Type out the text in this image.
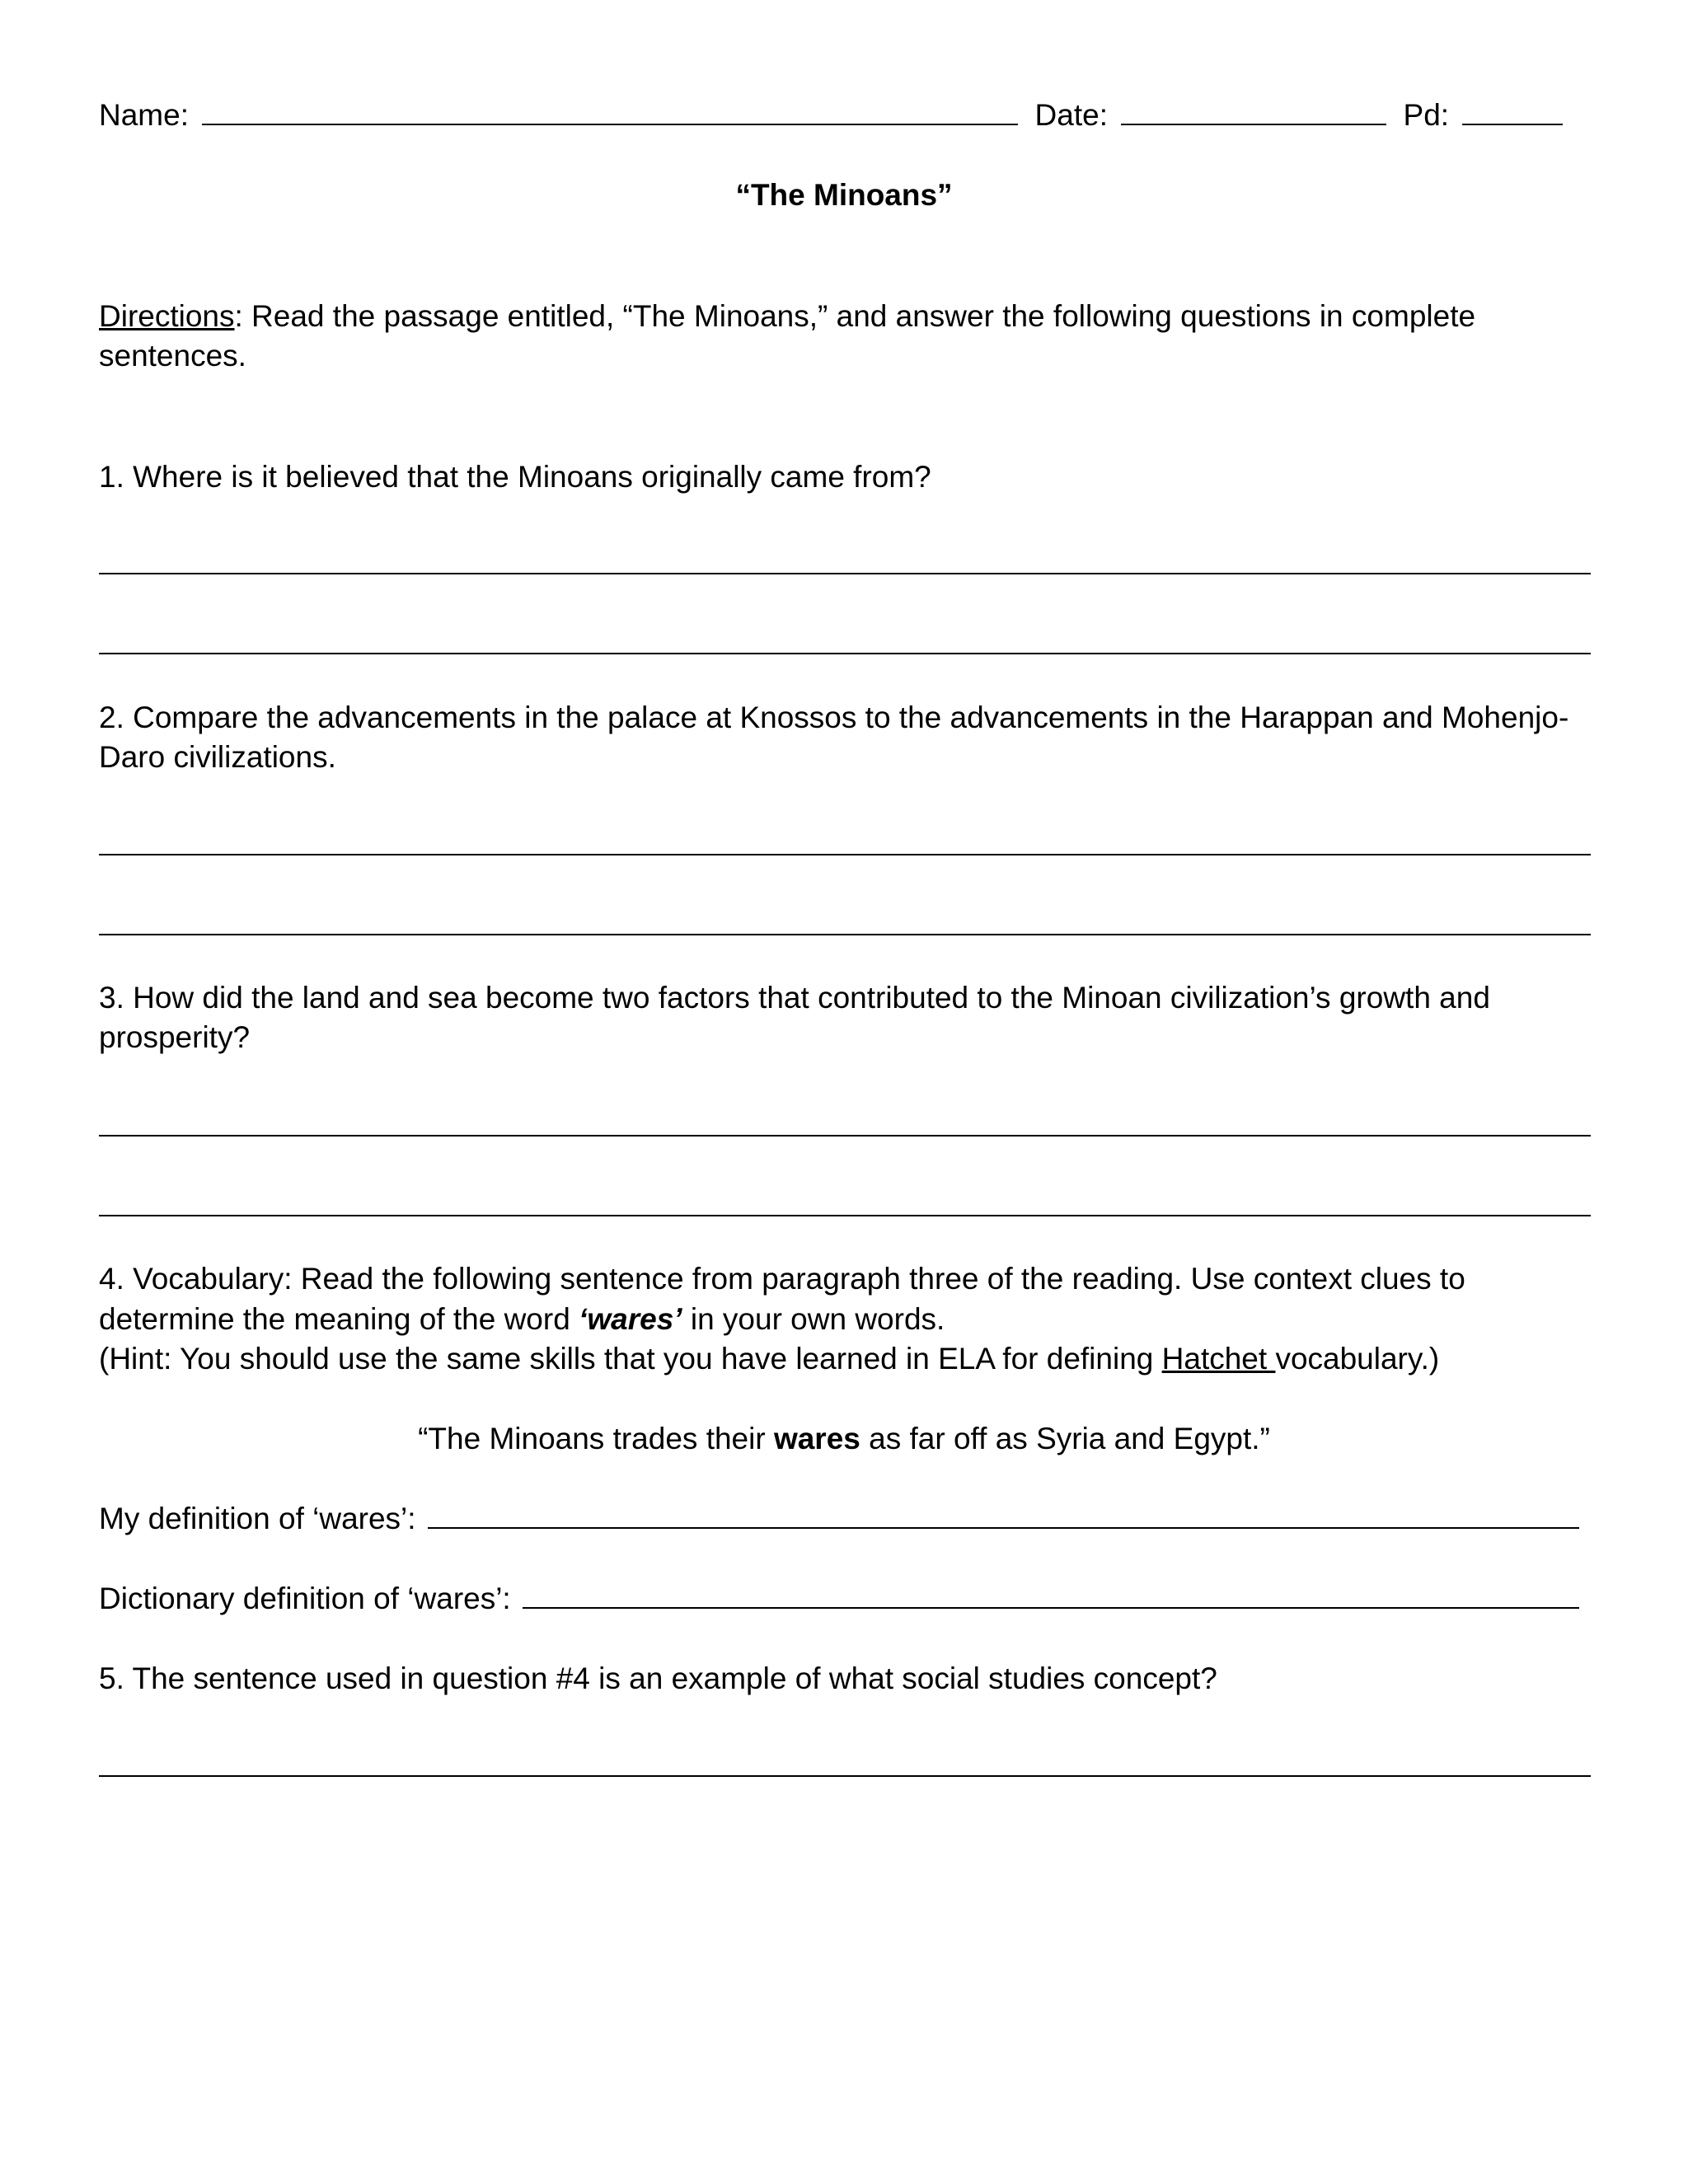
Name:	Date:	Pd:
“The Minoans”
Directions: Read the passage entitled, “The Minoans,” and answer the following questions in complete
sentences.
1. Where is it believed that the Minoans originally came from?
2. Compare the advancements in the palace at Knossos to the advancements in the Harappan and Mohenjo-
Daro civilizations.
3. How did the land and sea become two factors that contributed to the Minoan civilization’s growth and
prosperity?
4. Vocabulary: Read the following sentence from paragraph three of the reading. Use context clues to
determine the meaning of the word ‘wares’ in your own words.
(Hint: You should use the same skills that you have learned in ELA for defining Hatchet vocabulary.)
“The Minoans trades their wares as far off as Syria and Egypt.”
My definition of ‘wares’:
Dictionary definition of ‘wares’:
5. The sentence used in question #4 is an example of what social studies concept?
